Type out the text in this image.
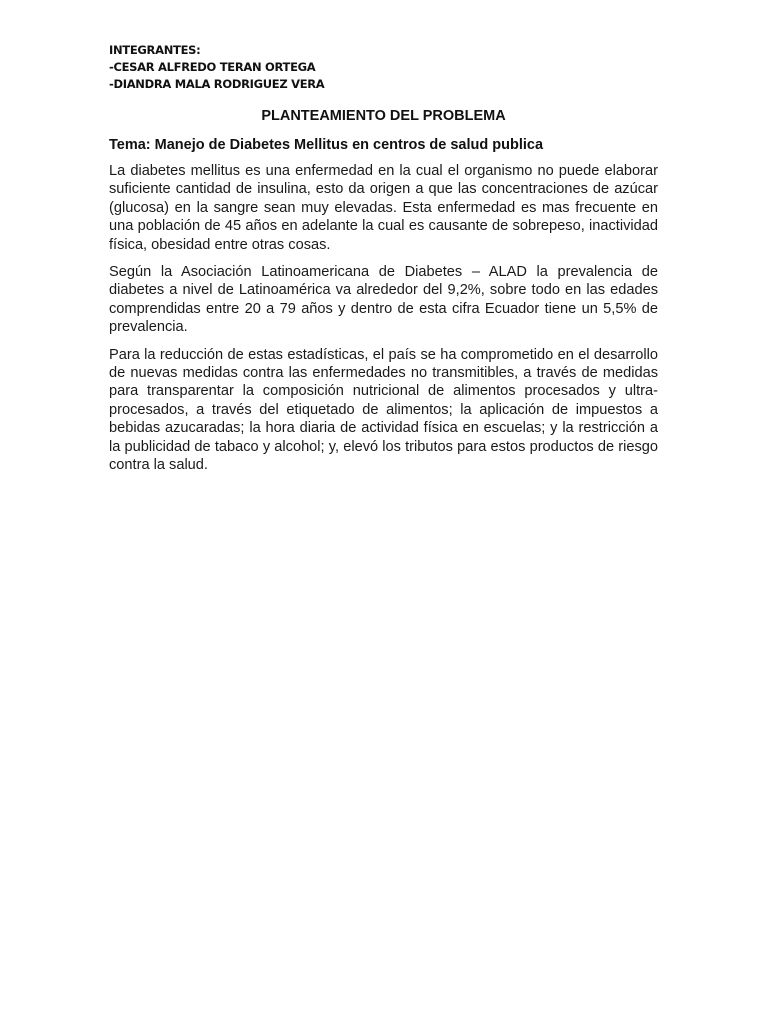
INTEGRANTES:
-CESAR ALFREDO TERAN ORTEGA
-DIANDRA MALA RODRIGUEZ VERA
PLANTEAMIENTO DEL PROBLEMA
Tema: Manejo de Diabetes Mellitus en centros de salud publica

La diabetes mellitus es una enfermedad en la cual el organismo no puede elaborar suficiente cantidad de insulina, esto da origen a que las concentraciones de azúcar (glucosa) en la sangre sean muy elevadas. Esta enfermedad es mas frecuente en una población de 45 años en adelante la cual es causante de sobrepeso, inactividad física, obesidad entre otras cosas.

Según la Asociación Latinoamericana de Diabetes – ALAD la prevalencia de diabetes a nivel de Latinoamérica va alrededor del 9,2%, sobre todo en las edades comprendidas entre 20 a 79 años y dentro de esta cifra Ecuador tiene un 5,5% de prevalencia.

Para la reducción de estas estadísticas, el país se ha comprometido en el desarrollo de nuevas medidas contra las enfermedades no transmitibles, a través de medidas para transparentar la composición nutricional de alimentos procesados y ultra-procesados, a través del etiquetado de alimentos; la aplicación de impuestos a bebidas azucaradas; la hora diaria de actividad física en escuelas; y la restricción a la publicidad de tabaco y alcohol; y, elevó los tributos para estos productos de riesgo contra la salud.
